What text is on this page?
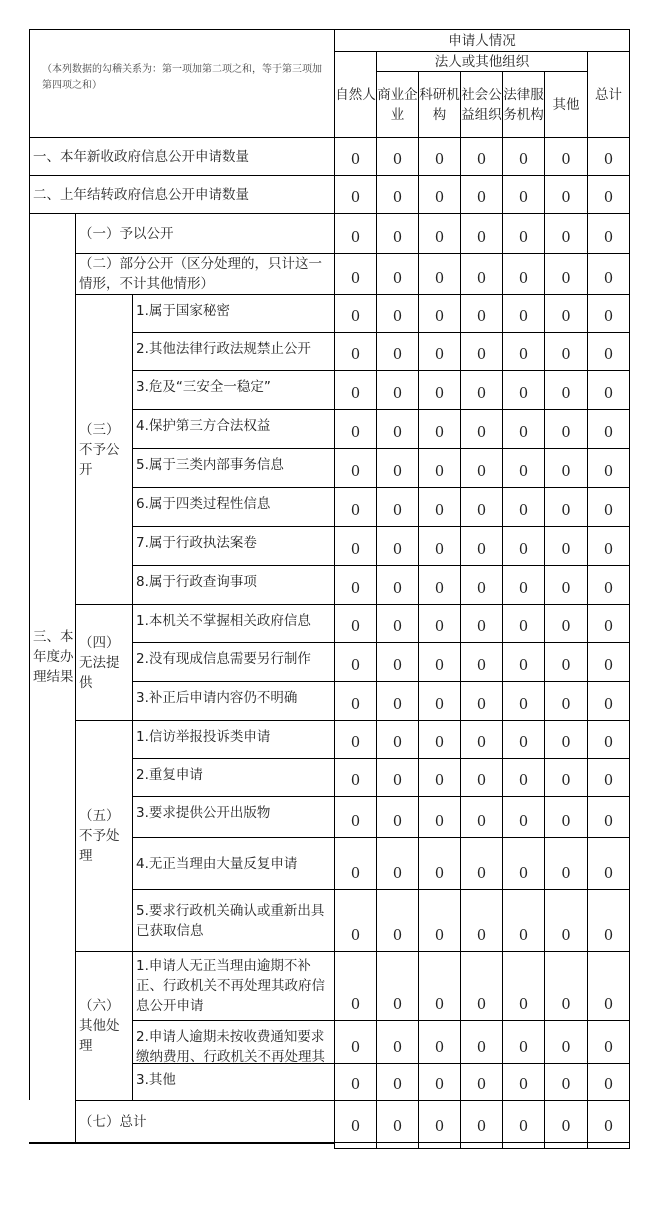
（本列数据的勾稽关系为：第一项加第二项之和，等于第三项加第四项之和）
申请人情况
自然人
法人或其他组织
商业企业
科研机构
社会公益组织
法律服务机构
其他
总计
一、本年新收政府信息公开申请数量
二、上年结转政府信息公开申请数量
三、本年度办理结果
（一）予以公开
（二）部分公开（区分处理的，只计这一情形，不计其他情形）
（三）不予公开
1.属于国家秘密
2.其他法律行政法规禁止公开
3.危及“三安全一稳定”
4.保护第三方合法权益
5.属于三类内部事务信息
6.属于四类过程性信息
7.属于行政执法案卷
8.属于行政查询事项
（四）无法提供
1.本机关不掌握相关政府信息
2.没有现成信息需要另行制作
3.补正后申请内容仍不明确
（五）不予处理
1.信访举报投诉类申请
2.重复申请
3.要求提供公开出版物
4.无正当理由大量反复申请
5.要求行政机关确认或重新出具已获取信息
（六）其他处理
1.申请人无正当理由逾期不补正、行政机关不再处理其政府信息公开申请
2.申请人逾期未按收费通知要求缴纳费用、行政机关不再处理其
3.其他
（七）总计
0 0 0 0 0 0 0
0 0 0 0 0 0 0
0 0 0 0 0 0 0
0 0 0 0 0 0 0
0 0 0 0 0 0 0
0 0 0 0 0 0 0
0 0 0 0 0 0 0
0 0 0 0 0 0 0
0 0 0 0 0 0 0
0 0 0 0 0 0 0
0 0 0 0 0 0 0
0 0 0 0 0 0 0
0 0 0 0 0 0 0
0 0 0 0 0 0 0
0 0 0 0 0 0 0
0 0 0 0 0 0 0
0 0 0 0 0 0 0
0 0 0 0 0 0 0
0 0 0 0 0 0 0
0 0 0 0 0 0 0
0 0 0 0 0 0 0
0 0 0 0 0 0 0
0 0 0 0 0 0 0
0 0 0 0 0 0 0
